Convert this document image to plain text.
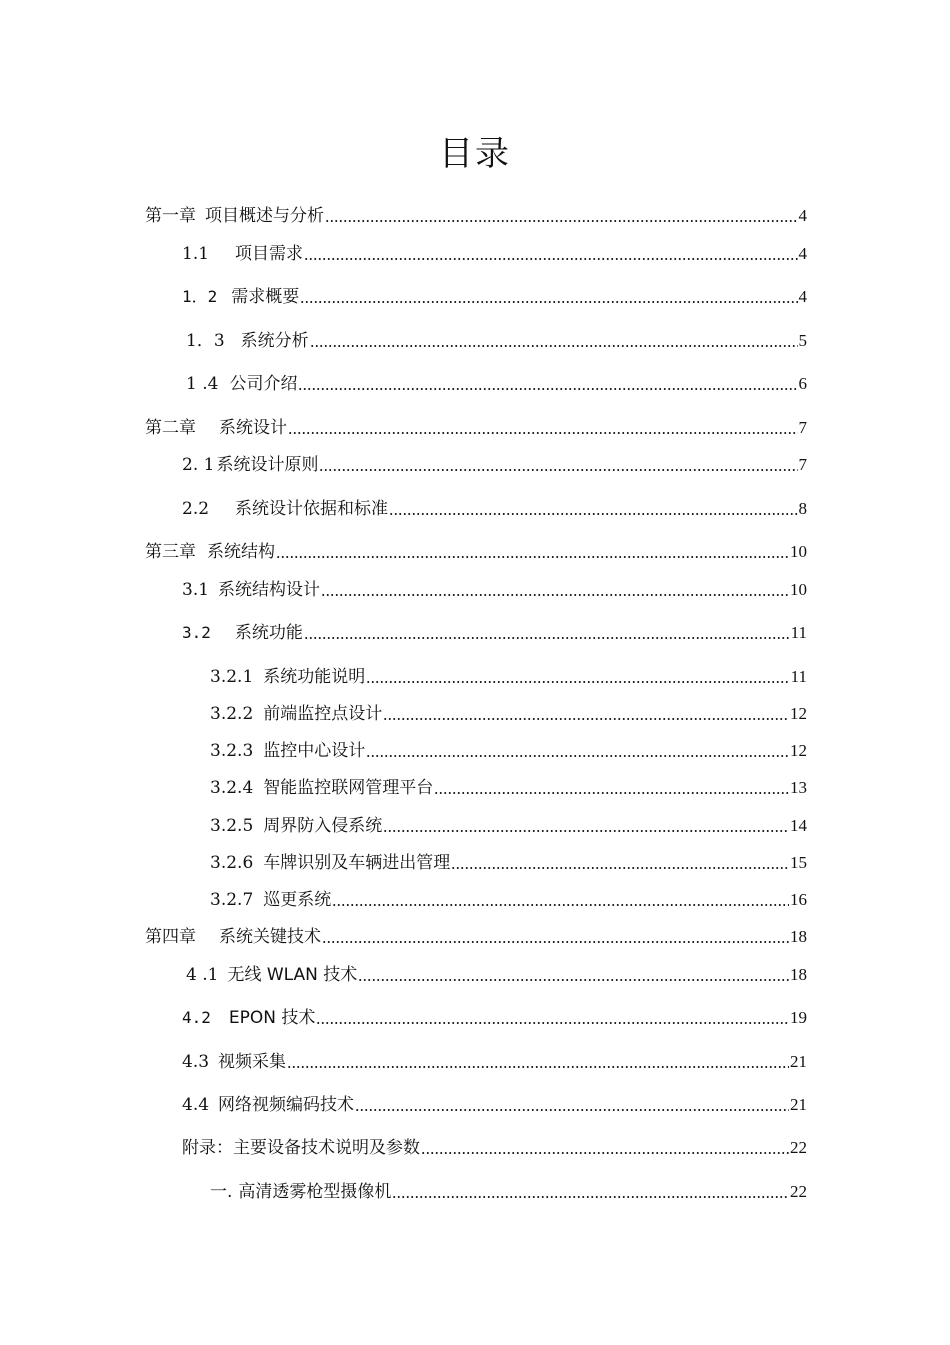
目录
第一章 项目概述与分析	4
1.1 项目需求	4
1．2 需求概要	4
1．3 系统分析	5
1 .4 公司介绍	6
第二章 系统设计	7
2. 1 系统设计原则	7
2.2 系统设计依据和标准	8
第三章 系统结构	10
3.1 系统结构设计	10
3.2 系统功能	11
3.2.1 系统功能说明	11
3.2.2 前端监控点设计	12
3.2.3 监控中心设计	12
3.2.4 智能监控联网管理平台	13
3.2.5 周界防入侵系统	14
3.2.6 车牌识别及车辆进出管理	15
3.2.7 巡更系统	16
第四章 系统关键技术	18
4 .1 无线 WLAN 技术	18
4.2 EPON 技术	19
4.3 视频采集	21
4.4 网络视频编码技术	21
附录： 主要设备技术说明及参数	22
一. 高清透雾枪型摄像机	22
